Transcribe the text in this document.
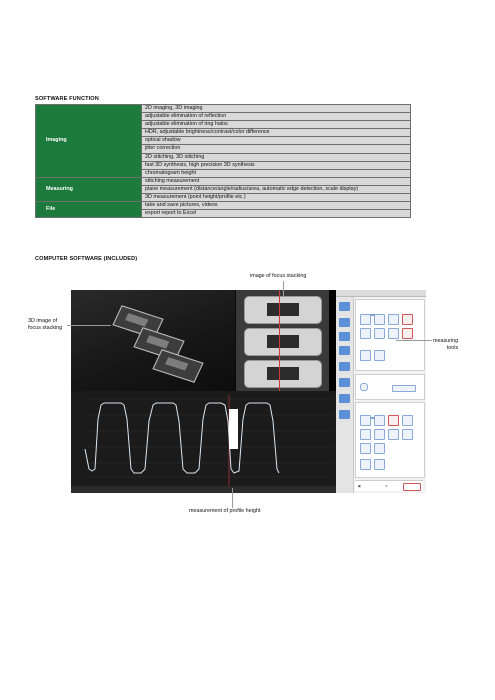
SOFTWARE FUNCTION
Imaging	2D imaging, 3D imaging
	adjustable elimination of reflection
	adjustable elimination of ring halos
	HDR, adjustable brightness/contrast/color difference
	optical shadow
	jitter correction
	2D stitching, 3D stitching
	fast 3D synthesis, high precision 3D synthesis
	chromatogram height
Measuring	stitching measurement
	plane measurement (distance/angle/radius/area, automatic edge detection, scale display)
	3D measurement (point height/profile etc.)
File	take and save pictures, videos
	export report to Excel
COMPUTER SOFTWARE (INCLUDED)
▣	✛
image of focus stacking
3D image of
focus stacking
measuring
tools
measurement of profile height
